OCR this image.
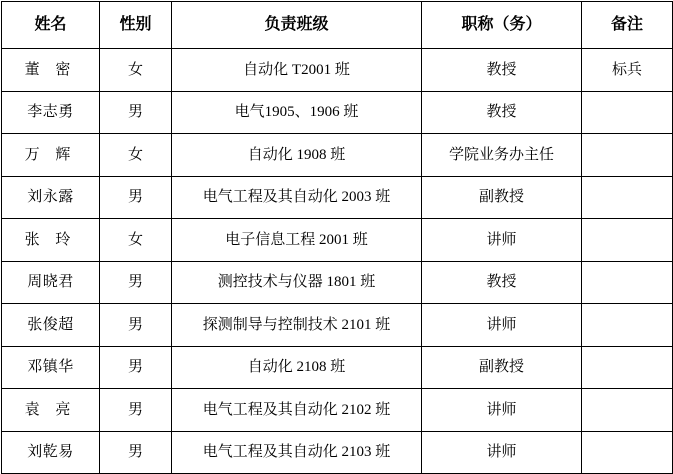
姓名	性别	负责班级	职称（务）	备注
董 密	女	自动化 T2001 班	教授	标兵
李志勇	男	电气1905、1906 班	教授	
万 辉	女	自动化 1908 班	学院业务办主任	
刘永露	男	电气工程及其自动化 2003 班	副教授	
张 玲	女	电子信息工程 2001 班	讲师	
周晓君	男	测控技术与仪器 1801 班	教授	
张俊超	男	探测制导与控制技术 2101 班	讲师	
邓镇华	男	自动化 2108 班	副教授	
袁 亮	男	电气工程及其自动化 2102 班	讲师	
刘乾易	男	电气工程及其自动化 2103 班	讲师	
